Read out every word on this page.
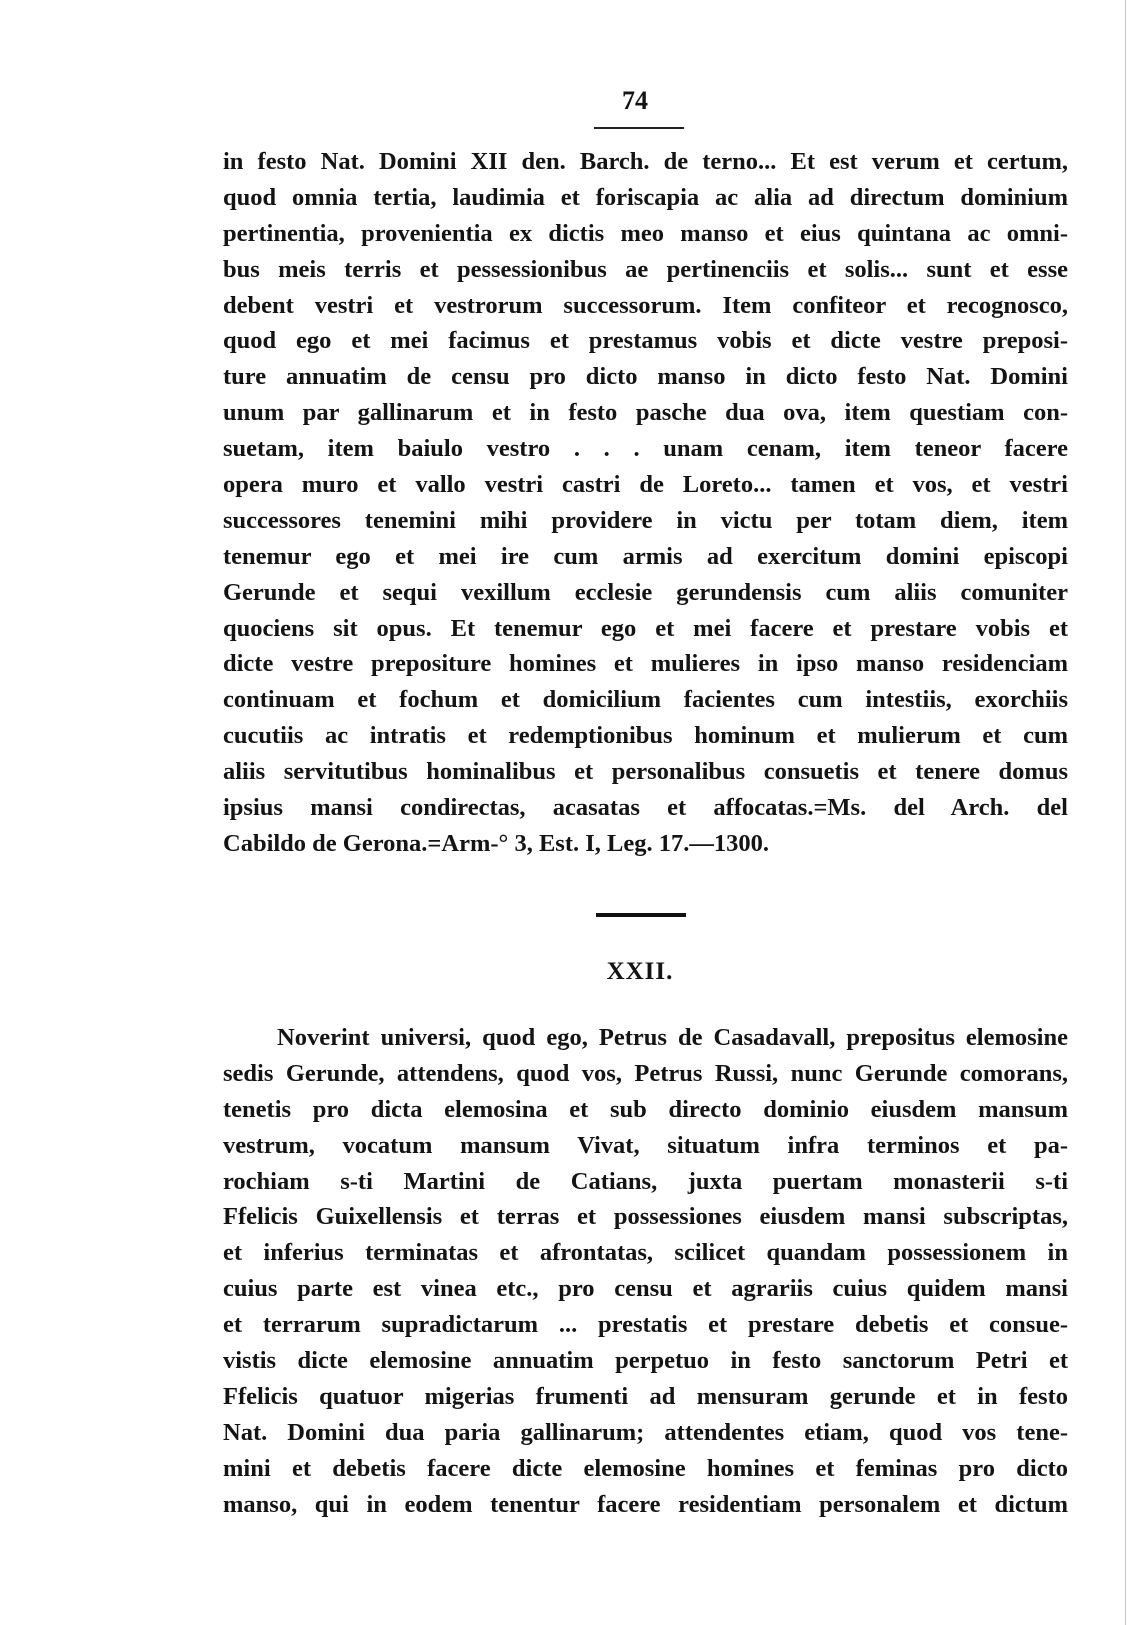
74
in festo Nat. Domini XII den. Barch. de terno... Et est verum et certum,
quod omnia tertia, laudimia et foriscapia ac alia ad directum dominium
pertinentia, provenientia ex dictis meo manso et eius quintana ac omni-
bus meis terris et pessessionibus ae pertinenciis et solis... sunt et esse
debent vestri et vestrorum successorum. Item confiteor et recognosco,
quod ego et mei facimus et prestamus vobis et dicte vestre preposi-
ture annuatim de censu pro dicto manso in dicto festo Nat. Domini
unum par gallinarum et in festo pasche dua ova, item questiam con-
suetam, item baiulo vestro . . . unam cenam, item teneor facere
opera muro et vallo vestri castri de Loreto... tamen et vos, et vestri
successores tenemini mihi providere in victu per totam diem, item
tenemur ego et mei ire cum armis ad exercitum domini episcopi
Gerunde et sequi vexillum ecclesie gerundensis cum aliis comuniter
quociens sit opus. Et tenemur ego et mei facere et prestare vobis et
dicte vestre prepositure homines et mulieres in ipso manso residenciam
continuam et fochum et domicilium facientes cum intestiis, exorchiis
cucutiis ac intratis et redemptionibus hominum et mulierum et cum
aliis servitutibus hominalibus et personalibus consuetis et tenere domus
ipsius mansi condirectas, acasatas et affocatas.=Ms. del Arch. del
Cabildo de Gerona.=Arm-° 3, Est. I, Leg. 17.—1300.
XXII.
Noverint universi, quod ego, Petrus de Casadavall, prepositus elemosine
sedis Gerunde, attendens, quod vos, Petrus Russi, nunc Gerunde comorans,
tenetis pro dicta elemosina et sub directo dominio eiusdem mansum
vestrum, vocatum mansum Vivat, situatum infra terminos et pa-
rochiam s-ti Martini de Catians, juxta puertam monasterii s-ti
Ffelicis Guixellensis et terras et possessiones eiusdem mansi subscriptas,
et inferius terminatas et afrontatas, scilicet quandam possessionem in
cuius parte est vinea etc., pro censu et agrariis cuius quidem mansi
et terrarum supradictarum ... prestatis et prestare debetis et consue-
vistis dicte elemosine annuatim perpetuo in festo sanctorum Petri et
Ffelicis quatuor migerias frumenti ad mensuram gerunde et in festo
Nat. Domini dua paria gallinarum; attendentes etiam, quod vos tene-
mini et debetis facere dicte elemosine homines et feminas pro dicto
manso, qui in eodem tenentur facere residentiam personalem et dictum
